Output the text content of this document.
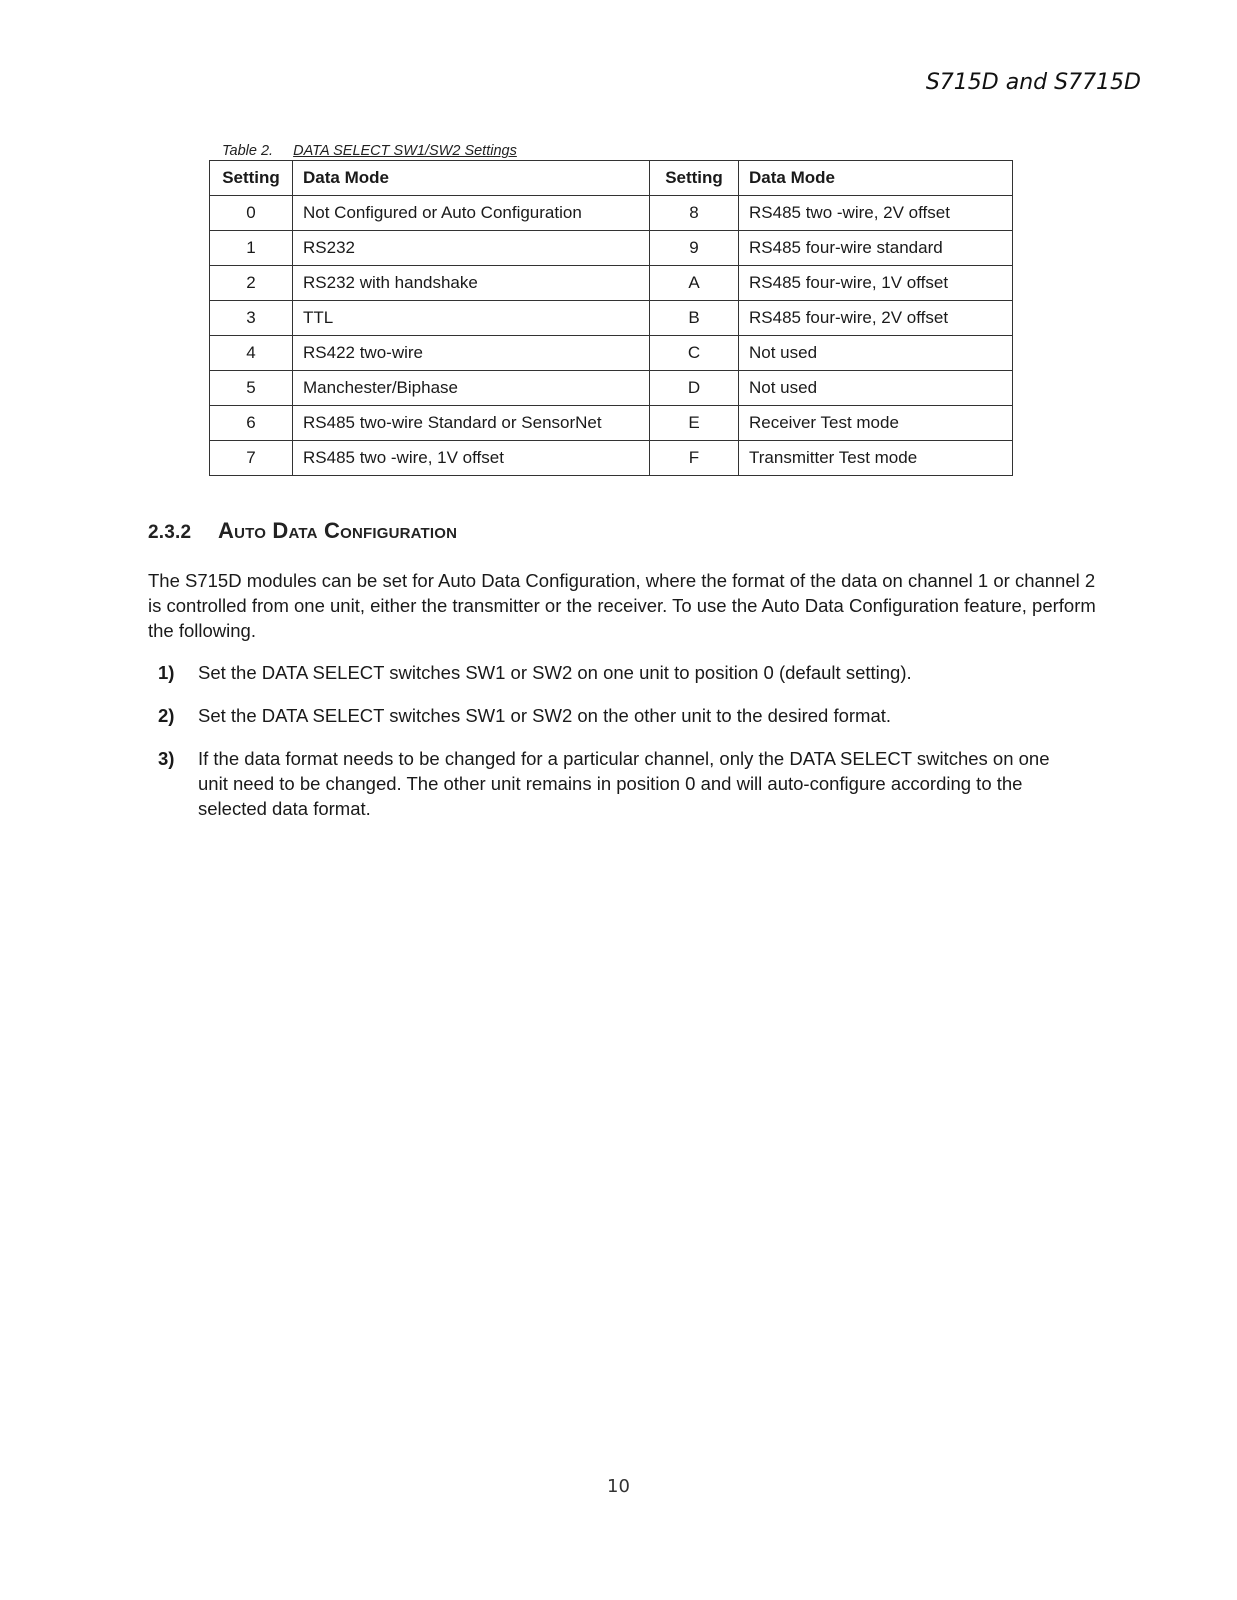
S715D and S7715D
Table 2. DATA SELECT SW1/SW2 Settings
Setting	Data Mode	Setting	Data Mode
0	Not Configured or Auto Configuration	8	RS485 two -wire, 2V offset
1	RS232	9	RS485 four-wire standard
2	RS232 with handshake	A	RS485 four-wire, 1V offset
3	TTL	B	RS485 four-wire, 2V offset
4	RS422 two-wire	C	Not used
5	Manchester/Biphase	D	Not used
6	RS485 two-wire Standard or SensorNet	E	Receiver Test mode
7	RS485 two -wire, 1V offset	F	Transmitter Test mode
2.3.2 Auto Data Configuration

The S715D modules can be set for Auto Data Configuration, where the format of the data on channel 1 or channel 2 is controlled from one unit, either the transmitter or the receiver. To use the Auto Data Configuration feature, perform the following.

1)	Set the DATA SELECT switches SW1 or SW2 on one unit to position 0 (default setting).
2)	Set the DATA SELECT switches SW1 or SW2 on the other unit to the desired format.
3)	If the data format needs to be changed for a particular channel, only the DATA SELECT switches on one unit need to be changed. The other unit remains in position 0 and will auto-configure according to the selected data format.
10
